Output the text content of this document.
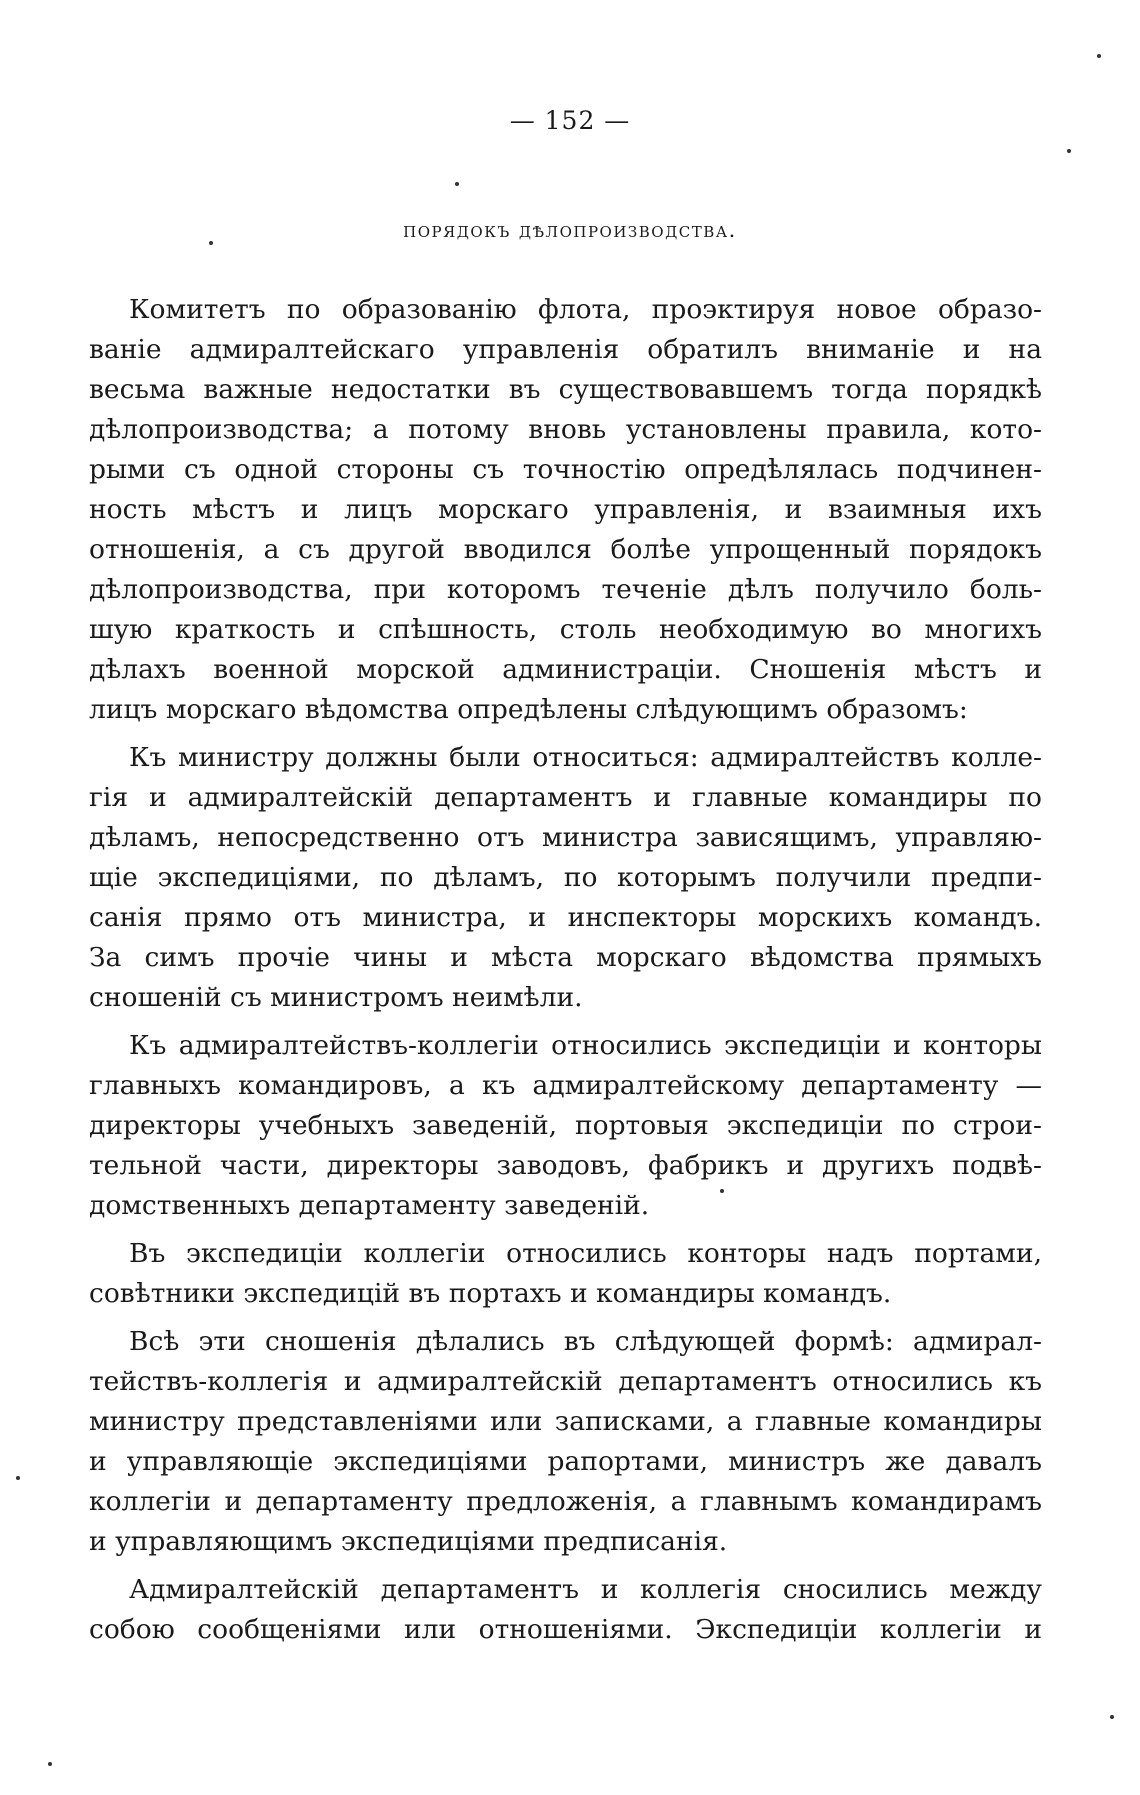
— 152 —
порядокъ дѣлопроизводства.
Комитетъ по образованію флота, проэктируя новое образо-
ваніе адмиралтейскаго управленія обратилъ вниманіе и на
весьма важные недостатки въ существовавшемъ тогда порядкѣ
дѣлопроизводства; а потому вновь установлены правила, кото-
рыми съ одной стороны съ точностію опредѣлялась подчинен-
ность мѣстъ и лицъ морскаго управленія, и взаимныя ихъ
отношенія, а съ другой вводился болѣе упрощенный порядокъ
дѣлопроизводства, при которомъ теченіе дѣлъ получило боль-
шую краткость и спѣшность, столь необходимую во многихъ
дѣлахъ военной морской администраціи. Сношенія мѣстъ и
лицъ морскаго вѣдомства опредѣлены слѣдующимъ образомъ:
Къ министру должны были относиться: адмиралтействъ колле-
гія и адмиралтейскій департаментъ и главные командиры по
дѣламъ, непосредственно отъ министра зависящимъ, управляю-
щіе экспедиціями, по дѣламъ, по которымъ получили предпи-
санія прямо отъ министра, и инспекторы морскихъ командъ.
За симъ прочіе чины и мѣста морскаго вѣдомства прямыхъ
сношеній съ министромъ неимѣли.
Къ адмиралтействъ-коллегіи относились экспедиціи и конторы
главныхъ командировъ, а къ адмиралтейскому департаменту —
директоры учебныхъ заведеній, портовыя экспедиціи по строи-
тельной части, директоры заводовъ, фабрикъ и другихъ подвѣ-
домственныхъ департаменту заведеній.
Въ экспедиціи коллегіи относились конторы надъ портами,
совѣтники экспедицій въ портахъ и командиры командъ.
Всѣ эти сношенія дѣлались въ слѣдующей формѣ: адмирал-
тействъ-коллегія и адмиралтейскій департаментъ относились къ
министру представленіями или записками, а главные командиры
и управляющіе экспедиціями рапортами, министръ же давалъ
коллегіи и департаменту предложенія, а главнымъ командирамъ
и управляющимъ экспедиціями предписанія.
Адмиралтейскій департаментъ и коллегія сносились между
собою сообщеніями или отношеніями. Экспедиціи коллегіи и
